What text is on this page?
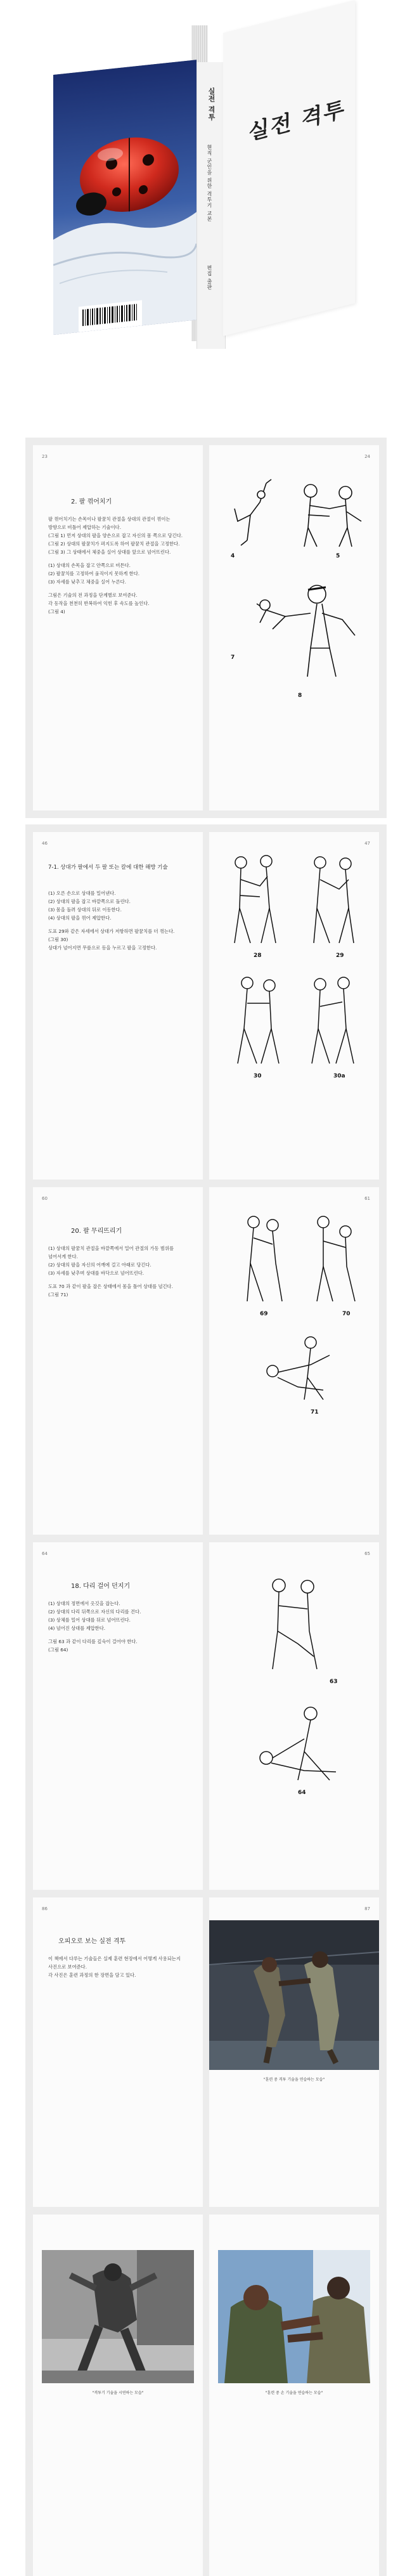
실전 격투
현직 군인을 위한 격투기 교본
편집 출판
실전 격투
23
2. 팔 꺾어치기
팔 꺾어치기는 손목이나 팔꿈치 관절을 상대의 관절이 꺾이는 방향으로 비틀어 제압하는 기술이다.
(그림 1) 먼저 상대의 팔을 양손으로 잡고 자신의 몸 쪽으로 당긴다.
(그림 2) 상대의 팔꿈치가 펴지도록 하여 팔꿈치 관절을 고정한다.
(그림 3) 그 상태에서 체중을 실어 상대를 앞으로 넘어뜨린다.
(1) 상대의 손목을 잡고 안쪽으로 비튼다.
(2) 팔꿈치를 고정하여 움직이지 못하게 한다.
(3) 자세를 낮추고 체중을 실어 누른다.
그림은 기술의 전 과정을 단계별로 보여준다.
각 동작을 천천히 반복하여 익힌 후 속도를 높인다.
(그림 4)
24
4	5
7
8
46
7-1. 상대가 팔에서 두 팔 또는 칼에 대한 해방 기술
(1) 오른 손으로 상대를 밀어낸다.
(2) 상대의 팔을 잡고 바깥쪽으로 돌린다.
(3) 몸을 돌려 상대의 뒤로 이동한다.
(4) 상대의 팔을 꺾어 제압한다.
도표 29와 같은 자세에서 상대가 저항하면 팔꿈치를 더 꺾는다.
(그림 30)
상대가 넘어지면 무릎으로 등을 누르고 팔을 고정한다.
47
28	29
30	30a
60
20. 팔 무리뜨리기
(1) 상대의 팔꿈치 관절을 바깥쪽에서 밀어 관절의 가동 범위를 넘어서게 한다.
(2) 상대의 팔을 자신의 어깨에 걸고 아래로 당긴다.
(3) 자세를 낮추며 상대를 바닥으로 넘어뜨린다.
도표 70 과 같이 팔을 잡은 상태에서 몸을 틀어 상대를 넘긴다.
(그림 71)
61
69	70
71
64
18. 다리 걸어 던지기
(1) 상대의 정면에서 옷깃을 잡는다.
(2) 상대의 다리 뒤쪽으로 자신의 다리를 건다.
(3) 상체를 밀어 상대를 뒤로 넘어뜨린다.
(4) 넘어진 상대를 제압한다.
그림 63 과 같이 다리를 깊숙이 걸어야 한다.
(그림 64)
65
63
64
86
오피오로 보는 실전 격투
이 책에서 다루는 기술들은 실제 훈련 현장에서 어떻게 사용되는지 사진으로 보여준다.
각 사진은 훈련 과정의 한 장면을 담고 있다.
87
"훈련 중 격투 기술을 연습하는 모습"
"격투기 기술을 시연하는 모습"	"훈련 중 손 기술을 연습하는 모습"
